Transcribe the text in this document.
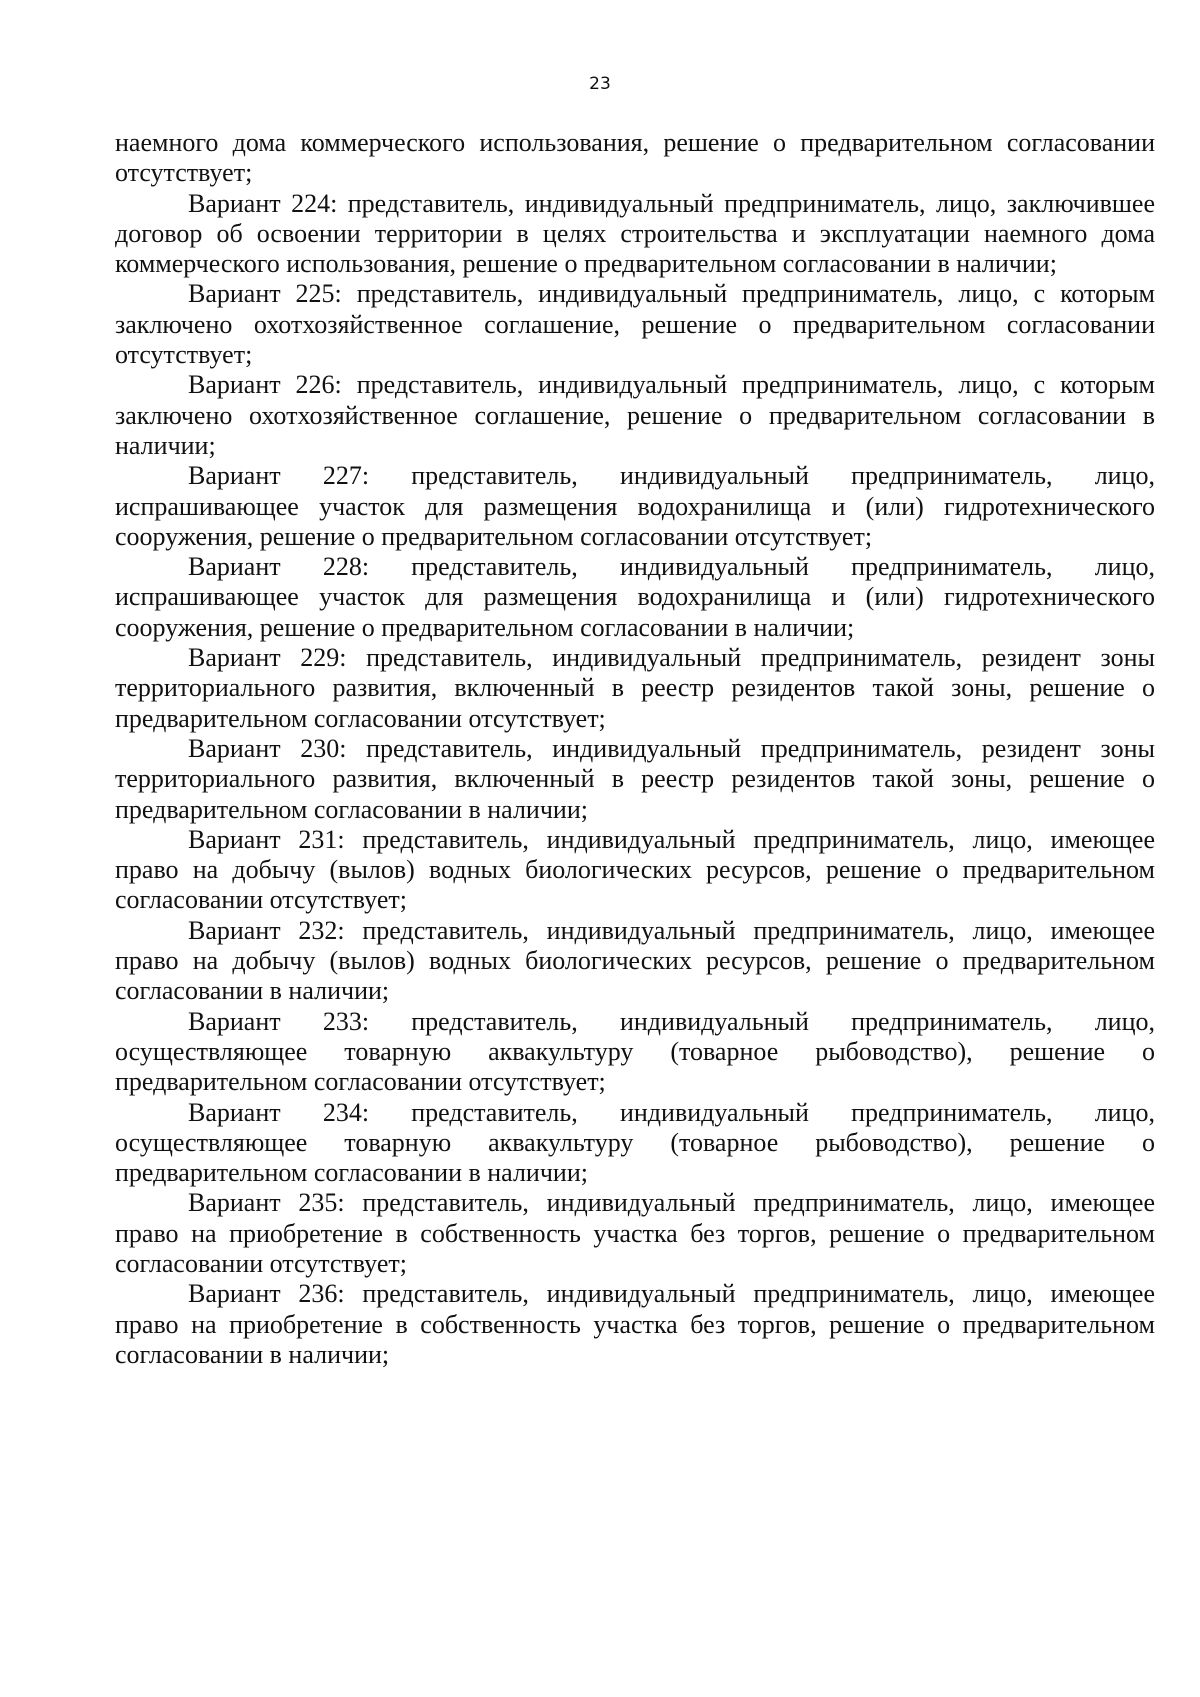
23

наемного дома коммерческого использования, решение о предварительном согласовании отсутствует;

Вариант 224: представитель, индивидуальный предприниматель, лицо, заключившее договор об освоении территории в целях строительства и эксплуатации наемного дома коммерческого использования, решение о предварительном согласовании в наличии;

Вариант 225: представитель, индивидуальный предприниматель, лицо, с которым заключено охотхозяйственное соглашение, решение о предварительном согласовании отсутствует;

Вариант 226: представитель, индивидуальный предприниматель, лицо, с которым заключено охотхозяйственное соглашение, решение о предварительном согласовании в наличии;

Вариант 227: представитель, индивидуальный предприниматель, лицо, испрашивающее участок для размещения водохранилища и (или) гидротехнического сооружения, решение о предварительном согласовании отсутствует;

Вариант 228: представитель, индивидуальный предприниматель, лицо, испрашивающее участок для размещения водохранилища и (или) гидротехнического сооружения, решение о предварительном согласовании в наличии;

Вариант 229: представитель, индивидуальный предприниматель, резидент зоны территориального развития, включенный в реестр резидентов такой зоны, решение о предварительном согласовании отсутствует;

Вариант 230: представитель, индивидуальный предприниматель, резидент зоны территориального развития, включенный в реестр резидентов такой зоны, решение о предварительном согласовании в наличии;

Вариант 231: представитель, индивидуальный предприниматель, лицо, имеющее право на добычу (вылов) водных биологических ресурсов, решение о предварительном согласовании отсутствует;

Вариант 232: представитель, индивидуальный предприниматель, лицо, имеющее право на добычу (вылов) водных биологических ресурсов, решение о предварительном согласовании в наличии;

Вариант 233: представитель, индивидуальный предприниматель, лицо, осуществляющее товарную аквакультуру (товарное рыбоводство), решение о предварительном согласовании отсутствует;

Вариант 234: представитель, индивидуальный предприниматель, лицо, осуществляющее товарную аквакультуру (товарное рыбоводство), решение о предварительном согласовании в наличии;

Вариант 235: представитель, индивидуальный предприниматель, лицо, имеющее право на приобретение в собственность участка без торгов, решение о предварительном согласовании отсутствует;

Вариант 236: представитель, индивидуальный предприниматель, лицо, имеющее право на приобретение в собственность участка без торгов, решение о предварительном согласовании в наличии;
